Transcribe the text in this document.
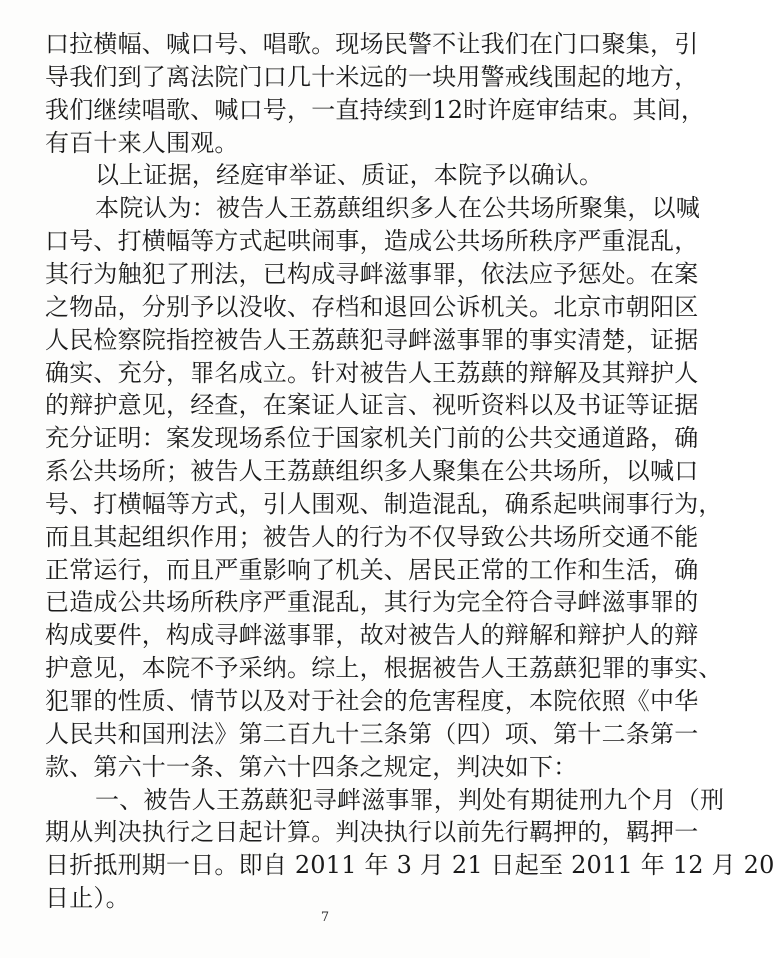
口拉横幅、喊口号、唱歌。现场民警不让我们在门口聚集，引
导我们到了离法院门口几十米远的一块用警戒线围起的地方，
我们继续唱歌、喊口号，一直持续到12时许庭审结束。其间，
有百十来人围观。
以上证据，经庭审举证、质证，本院予以确认。
本院认为：被告人王荔蕻组织多人在公共场所聚集，以喊
口号、打横幅等方式起哄闹事，造成公共场所秩序严重混乱，
其行为触犯了刑法，已构成寻衅滋事罪，依法应予惩处。在案
之物品，分别予以没收、存档和退回公诉机关。北京市朝阳区
人民检察院指控被告人王荔蕻犯寻衅滋事罪的事实清楚，证据
确实、充分，罪名成立。针对被告人王荔蕻的辩解及其辩护人
的辩护意见，经查，在案证人证言、视听资料以及书证等证据
充分证明：案发现场系位于国家机关门前的公共交通道路，确
系公共场所；被告人王荔蕻组织多人聚集在公共场所，以喊口
号、打横幅等方式，引人围观、制造混乱，确系起哄闹事行为，
而且其起组织作用；被告人的行为不仅导致公共场所交通不能
正常运行，而且严重影响了机关、居民正常的工作和生活，确
已造成公共场所秩序严重混乱，其行为完全符合寻衅滋事罪的
构成要件，构成寻衅滋事罪，故对被告人的辩解和辩护人的辩
护意见，本院不予采纳。综上，根据被告人王荔蕻犯罪的事实、
犯罪的性质、情节以及对于社会的危害程度，本院依照《中华
人民共和国刑法》第二百九十三条第（四）项、第十二条第一
款、第六十一条、第六十四条之规定，判决如下：
一、被告人王荔蕻犯寻衅滋事罪，判处有期徒刑九个月（刑
期从判决执行之日起计算。判决执行以前先行羁押的，羁押一
日折抵刑期一日。即自 2011 年 3 月 21 日起至 2011 年 12 月 20
日止）。
7
